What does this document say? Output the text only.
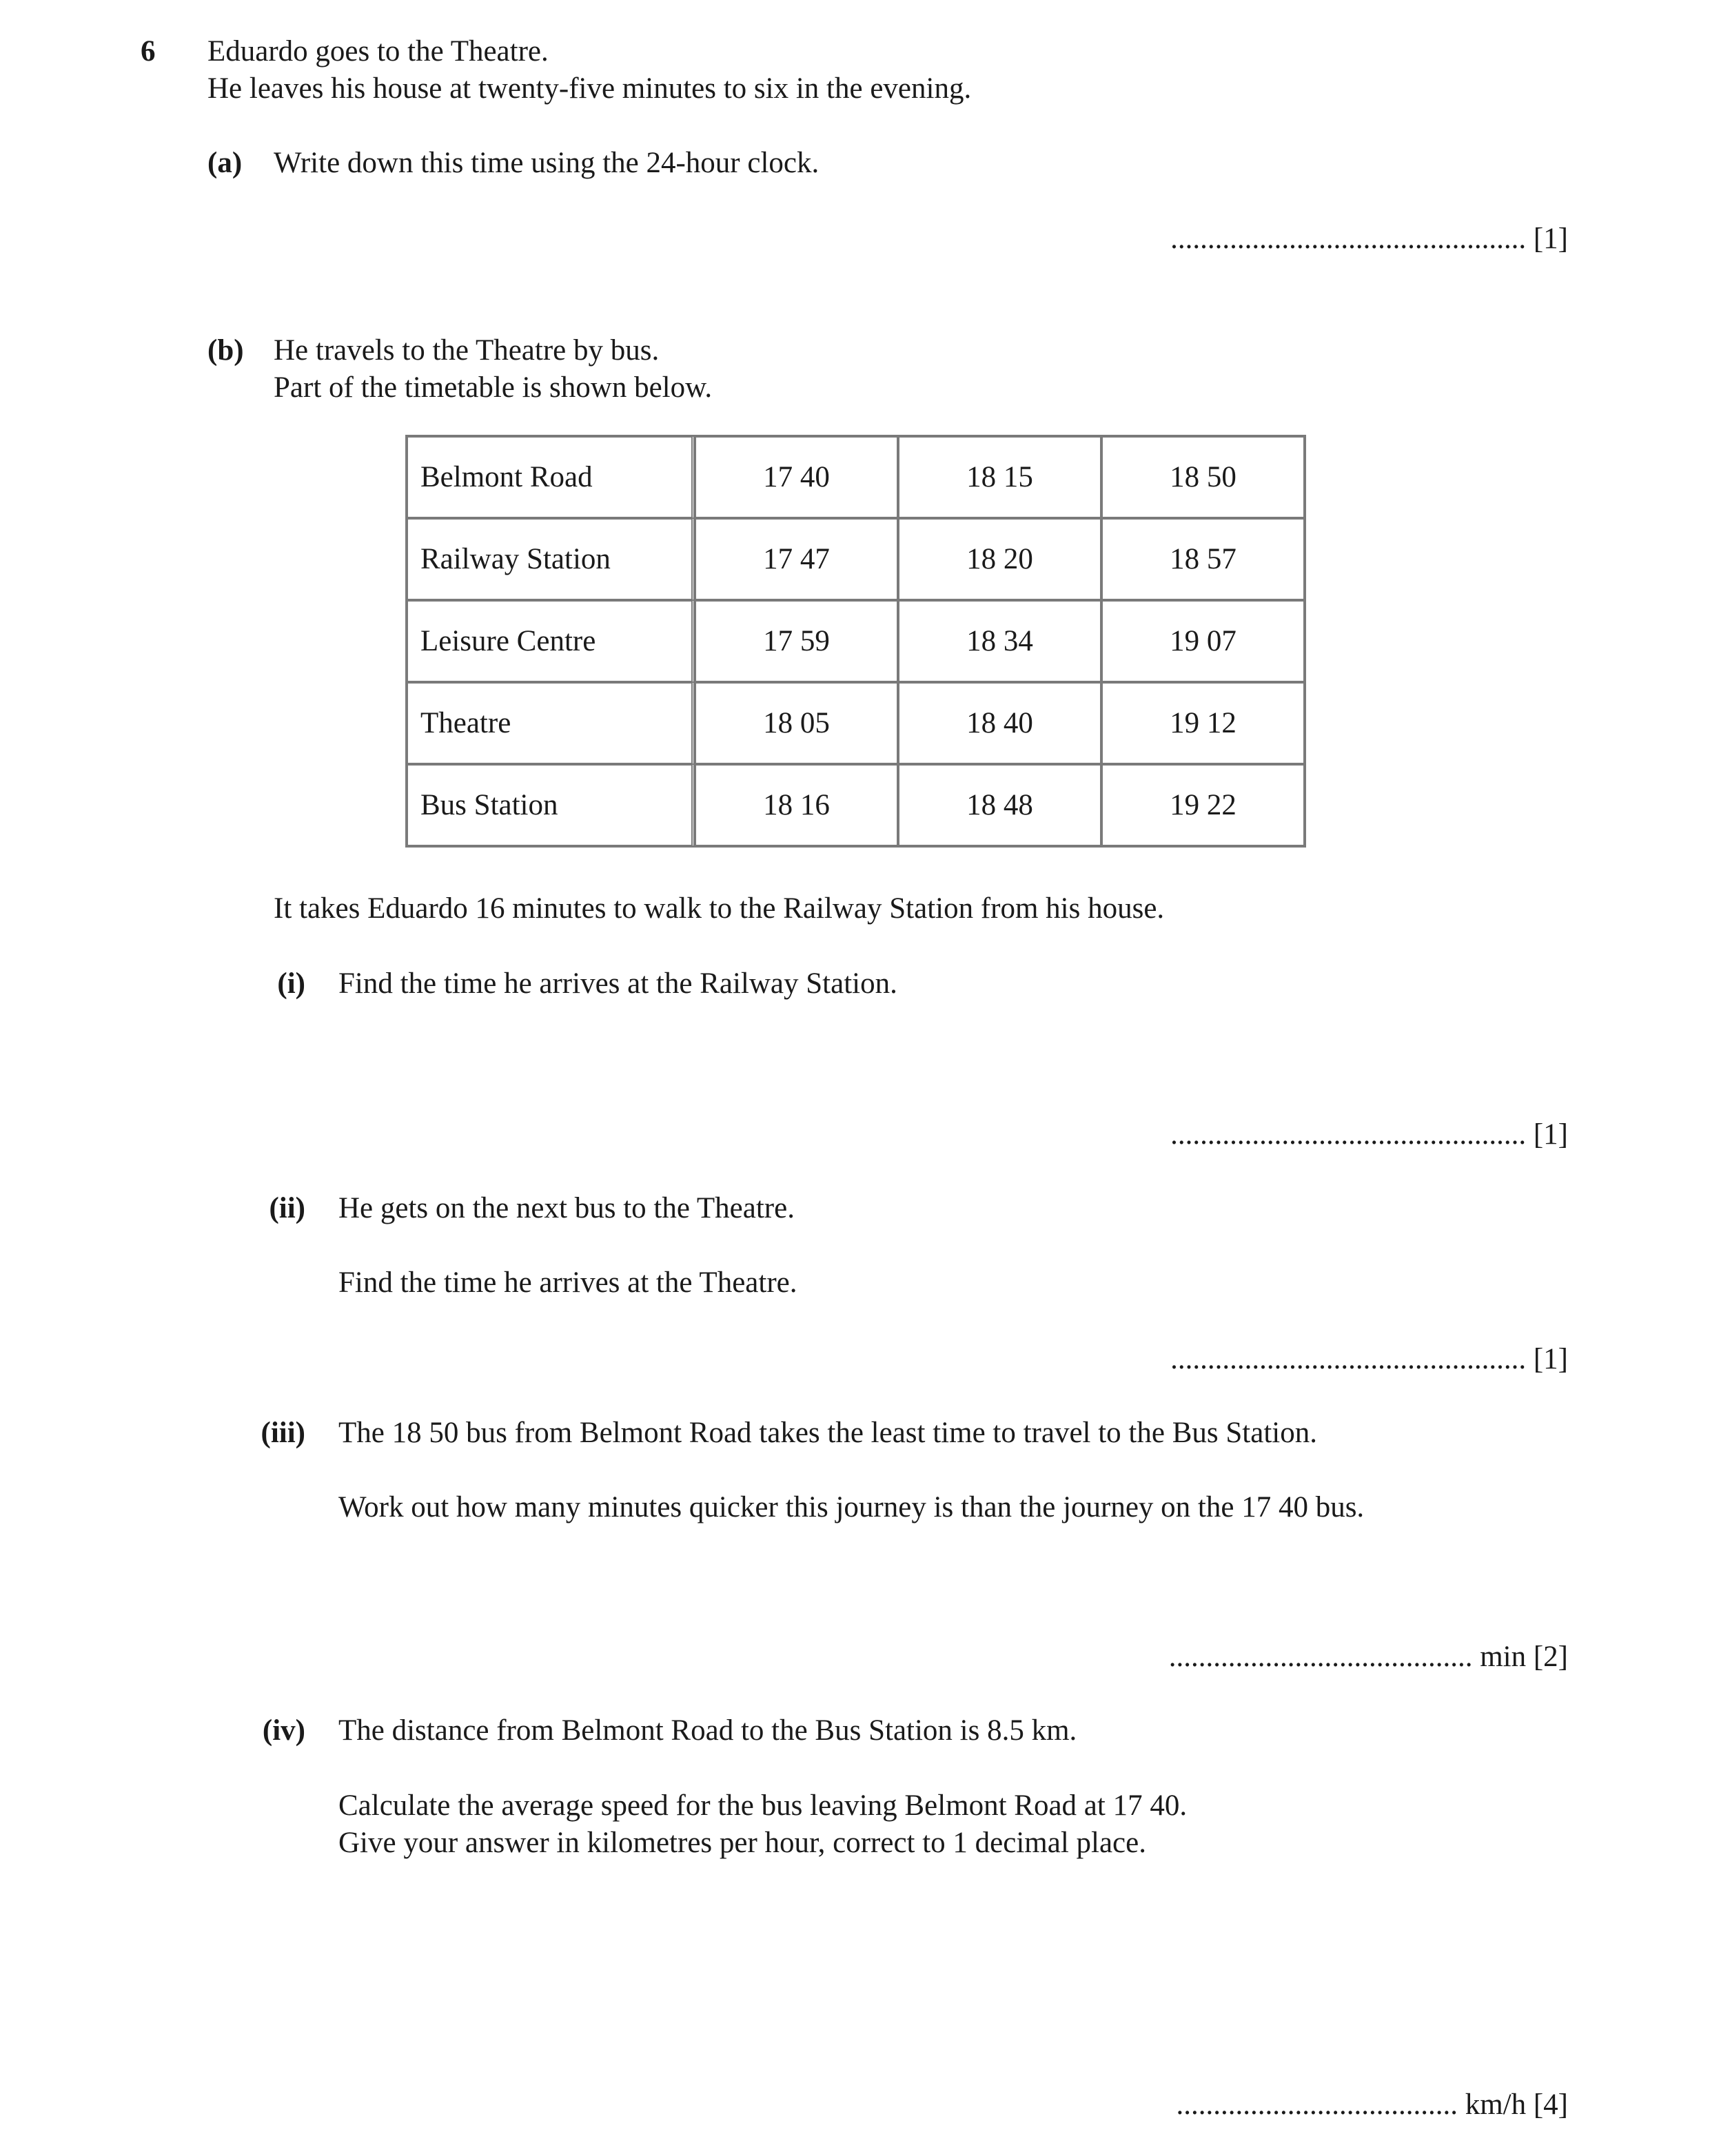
6 Eduardo goes to the Theatre.
He leaves his house at twenty-five minutes to six in the evening.
(a) Write down this time using the 24-hour clock.
................................................ [1]
(b) He travels to the Theatre by bus.
Part of the timetable is shown below.
Belmont Road	17 40	18 15	18 50
Railway Station	17 47	18 20	18 57
Leisure Centre	17 59	18 34	19 07
Theatre	18 05	18 40	19 12
Bus Station	18 16	18 48	19 22
It takes Eduardo 16 minutes to walk to the Railway Station from his house.
(i) Find the time he arrives at the Railway Station.
................................................ [1]
(ii) He gets on the next bus to the Theatre.
Find the time he arrives at the Theatre.
................................................ [1]
(iii) The 18 50 bus from Belmont Road takes the least time to travel to the Bus Station.
Work out how many minutes quicker this journey is than the journey on the 17 40 bus.
......................................... min [2]
(iv) The distance from Belmont Road to the Bus Station is 8.5 km.
Calculate the average speed for the bus leaving Belmont Road at 17 40.
Give your answer in kilometres per hour, correct to 1 decimal place.
...................................... km/h [4]
